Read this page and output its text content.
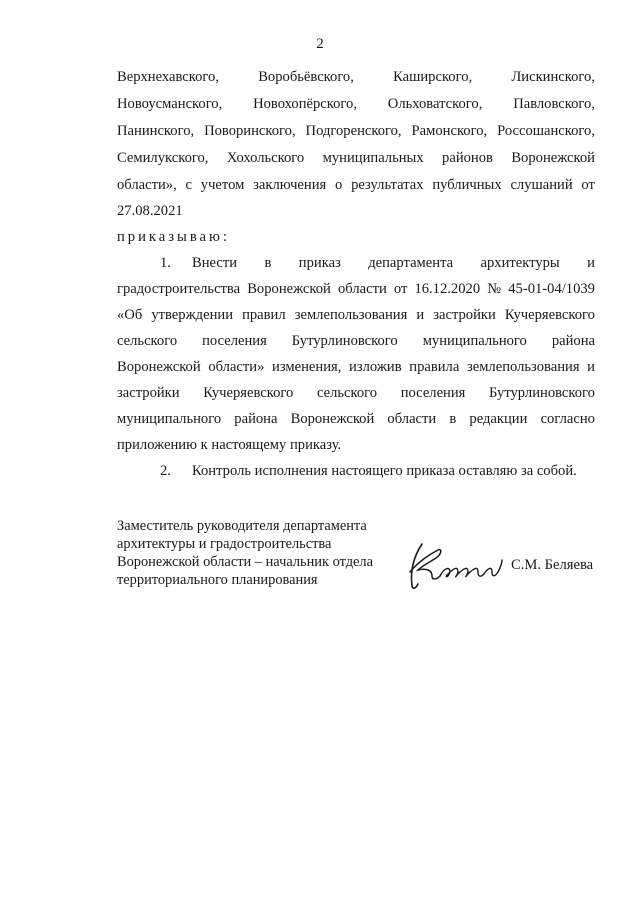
2
Верхнехавского,	Воробьёвского,	Каширского,	Лискинского,
Новоусманского, Новохопёрского, Ольховатского, Павловского,
Панинского, Поворинского, Подгоренского, Рамонского, Россошанского,
Семилукского, Хохольского муниципальных районов Воронежской
области», с учетом заключения о результатах публичных слушаний от
27.08.2021
приказываю:
1.	Внести в приказ департамента архитектуры и
градостроительства Воронежской области от 16.12.2020 № 45-01-04/1039
«Об утверждении правил землепользования и застройки Кучеряевского
сельского поселения Бутурлиновского муниципального района
Воронежской области» изменения, изложив правила землепользования и
застройки Кучеряевского сельского поселения Бутурлиновского
муниципального района Воронежской области в редакции согласно
приложению к настоящему приказу.
2.	Контроль исполнения настоящего приказа оставляю за собой.
Заместитель руководителя департамента
архитектуры и градостроительства
Воронежской области – начальник отдела
территориального планирования
С.М. Беляева
